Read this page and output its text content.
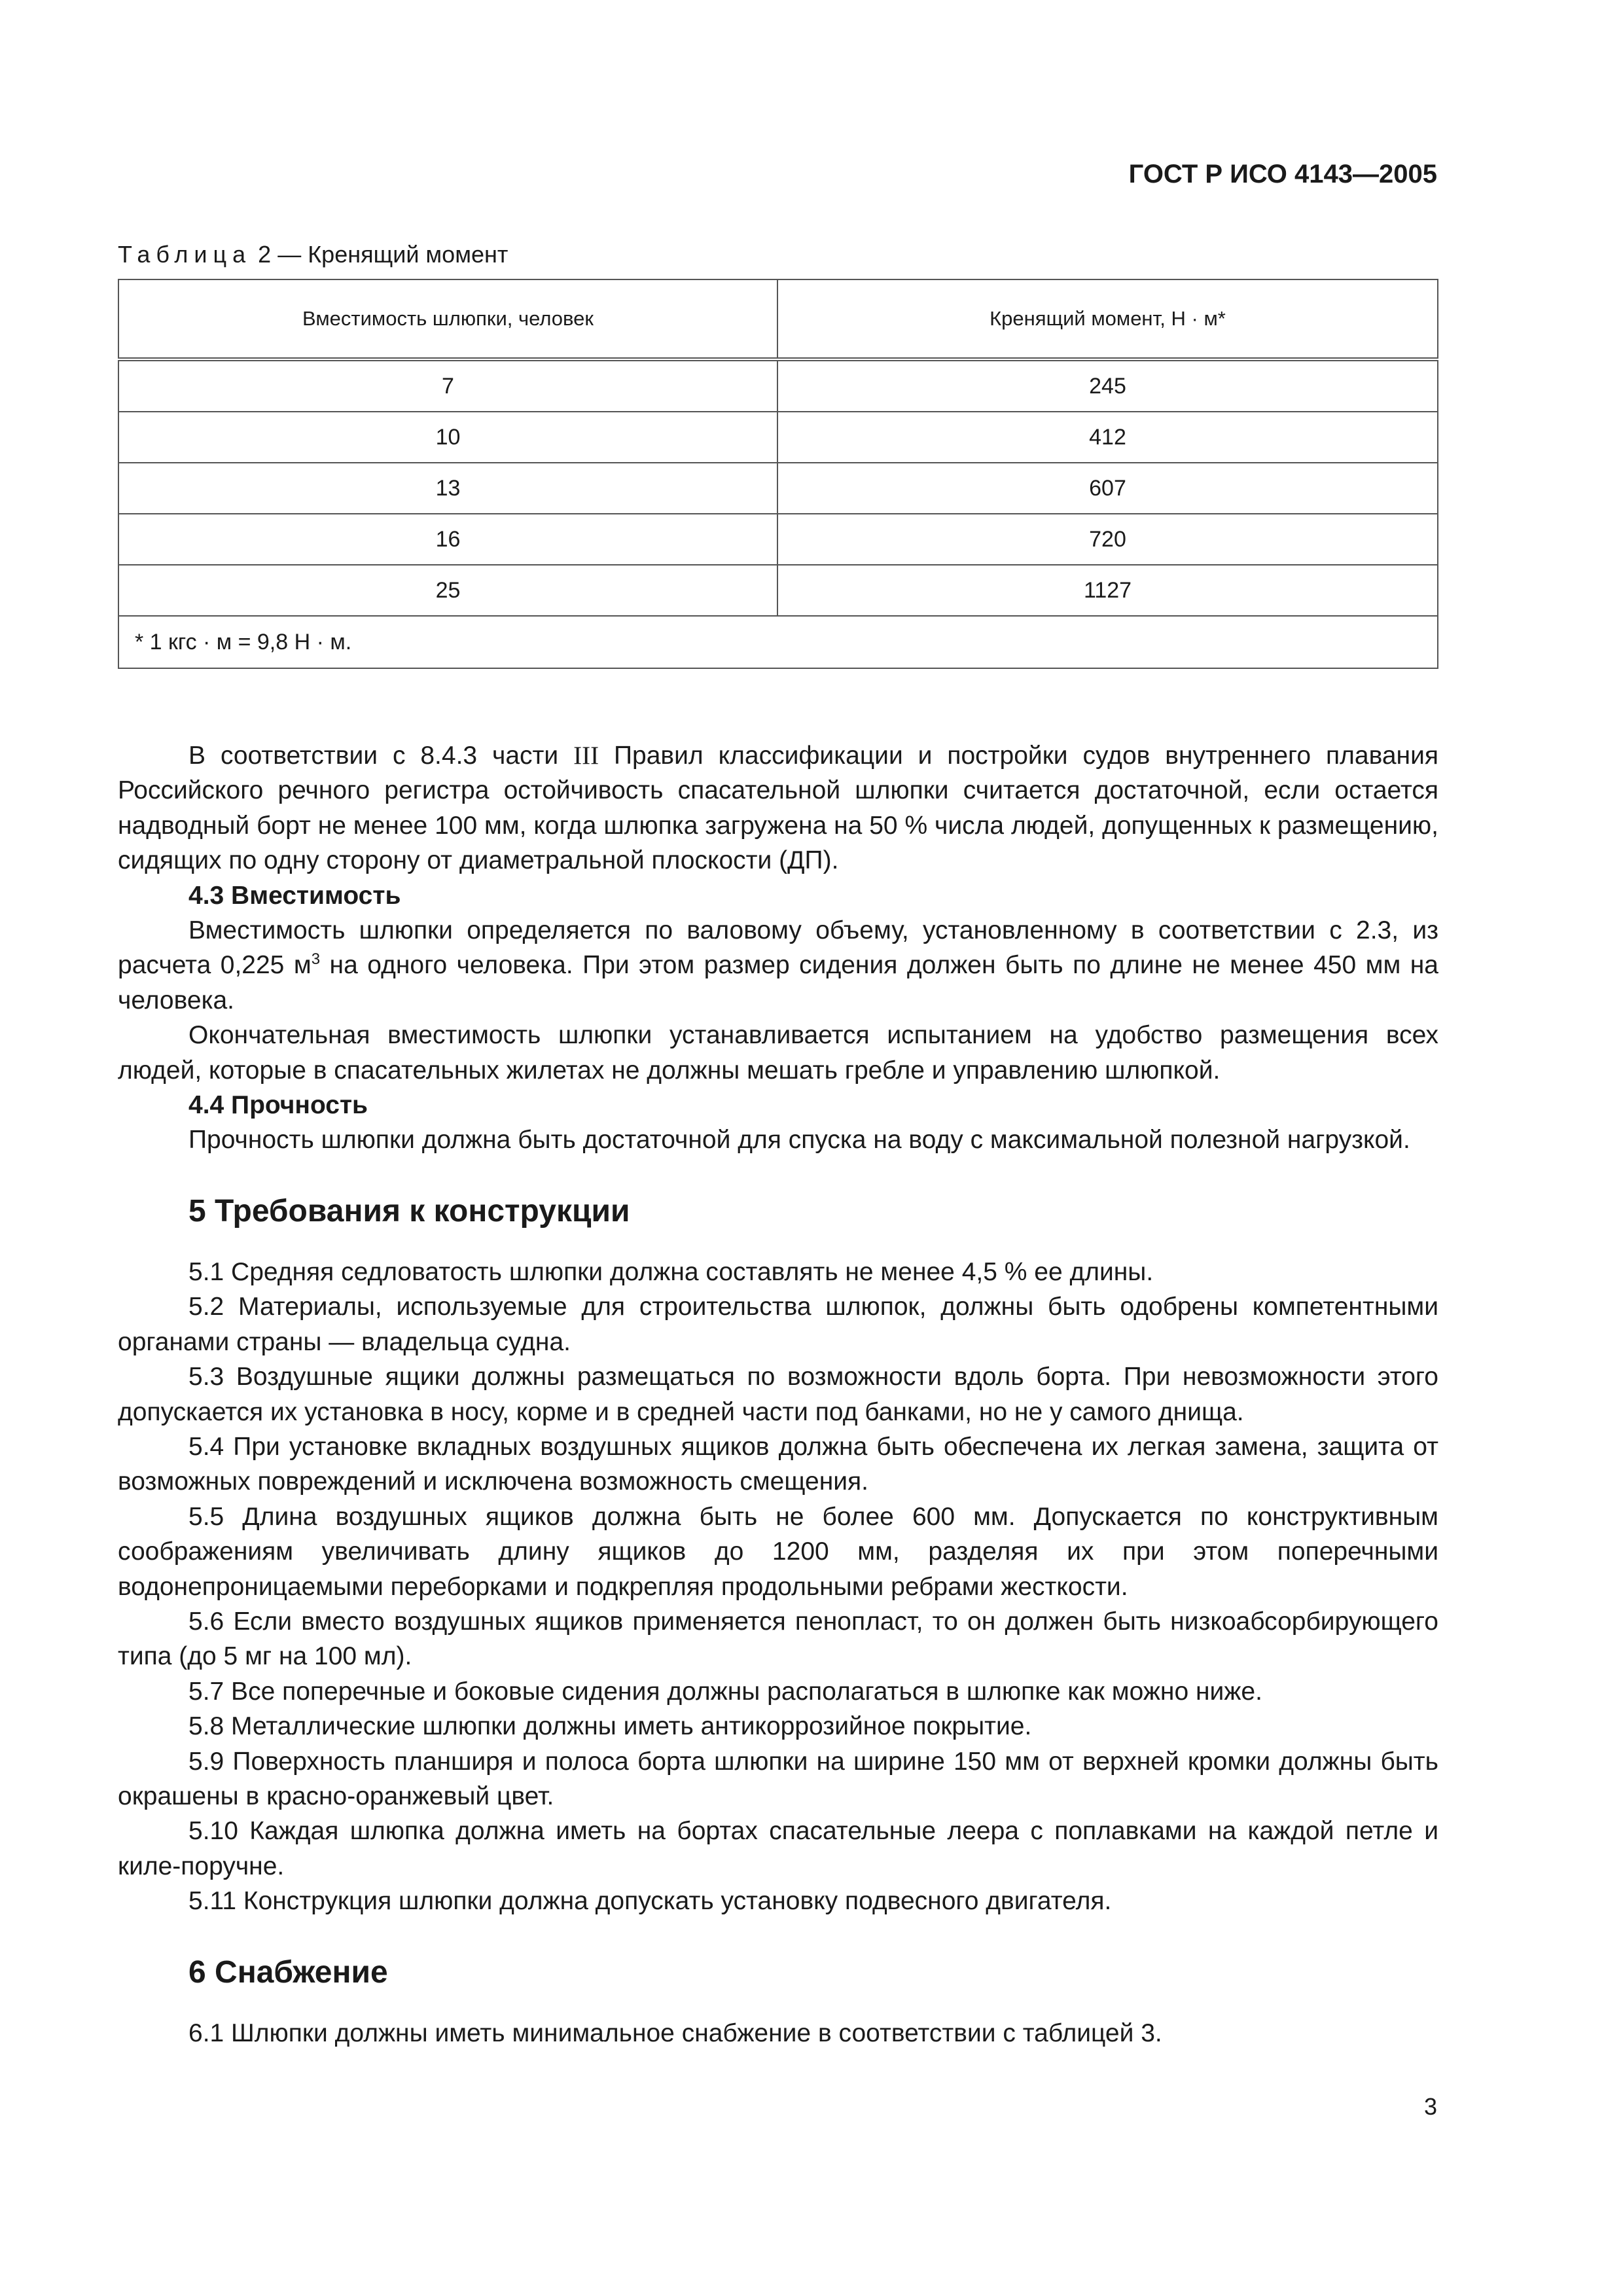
ГОСТ Р ИСО 4143—2005
Таблица 2 — Кренящий момент
Вместимость шлюпки, человек	Кренящий момент, Н · м*
7	245
10	412
13	607
16	720
25	1127
* 1 кгс · м = 9,8 Н · м.	

В соответствии с 8.4.3 части III Правил классификации и постройки судов внутреннего плавания Российского речного регистра остойчивость спасательной шлюпки считается достаточной, если остается надводный борт не менее 100 мм, когда шлюпка загружена на 50 % числа людей, допущенных к размещению, сидящих по одну сторону от диаметральной плоскости (ДП).

4.3 Вместимость

Вместимость шлюпки определяется по валовому объему, установленному в соответствии с 2.3, из расчета 0,225 $м^3$ на одного человека. При этом размер сидения должен быть по длине не менее 450 мм на человека.

Окончательная вместимость шлюпки устанавливается испытанием на удобство размещения всех людей, которые в спасательных жилетах не должны мешать гребле и управлению шлюпкой.

4.4 Прочность

Прочность шлюпки должна быть достаточной для спуска на воду с максимальной полезной нагрузкой.

5 Требования к конструкции

5.1 Средняя седловатость шлюпки должна составлять не менее 4,5 % ее длины.

5.2 Материалы, используемые для строительства шлюпок, должны быть одобрены компетентными органами страны — владельца судна.

5.3 Воздушные ящики должны размещаться по возможности вдоль борта. При невозможности этого допускается их установка в носу, корме и в средней части под банками, но не у самого днища.

5.4 При установке вкладных воздушных ящиков должна быть обеспечена их легкая замена, защита от возможных повреждений и исключена возможность смещения.

5.5 Длина воздушных ящиков должна быть не более 600 мм. Допускается по конструктивным соображениям увеличивать длину ящиков до 1200 мм, разделяя их при этом поперечными водонепроницаемыми переборками и подкрепляя продольными ребрами жесткости.

5.6 Если вместо воздушных ящиков применяется пенопласт, то он должен быть низкоабсорбирующего типа (до 5 мг на 100 мл).

5.7 Все поперечные и боковые сидения должны располагаться в шлюпке как можно ниже.

5.8 Металлические шлюпки должны иметь антикоррозийное покрытие.

5.9 Поверхность планширя и полоса борта шлюпки на ширине 150 мм от верхней кромки должны быть окрашены в красно-оранжевый цвет.

5.10 Каждая шлюпка должна иметь на бортах спасательные леера с поплавками на каждой петле и киле-поручне.

5.11 Конструкция шлюпки должна допускать установку подвесного двигателя.

6 Снабжение

6.1 Шлюпки должны иметь минимальное снабжение в соответствии с таблицей 3.

3
